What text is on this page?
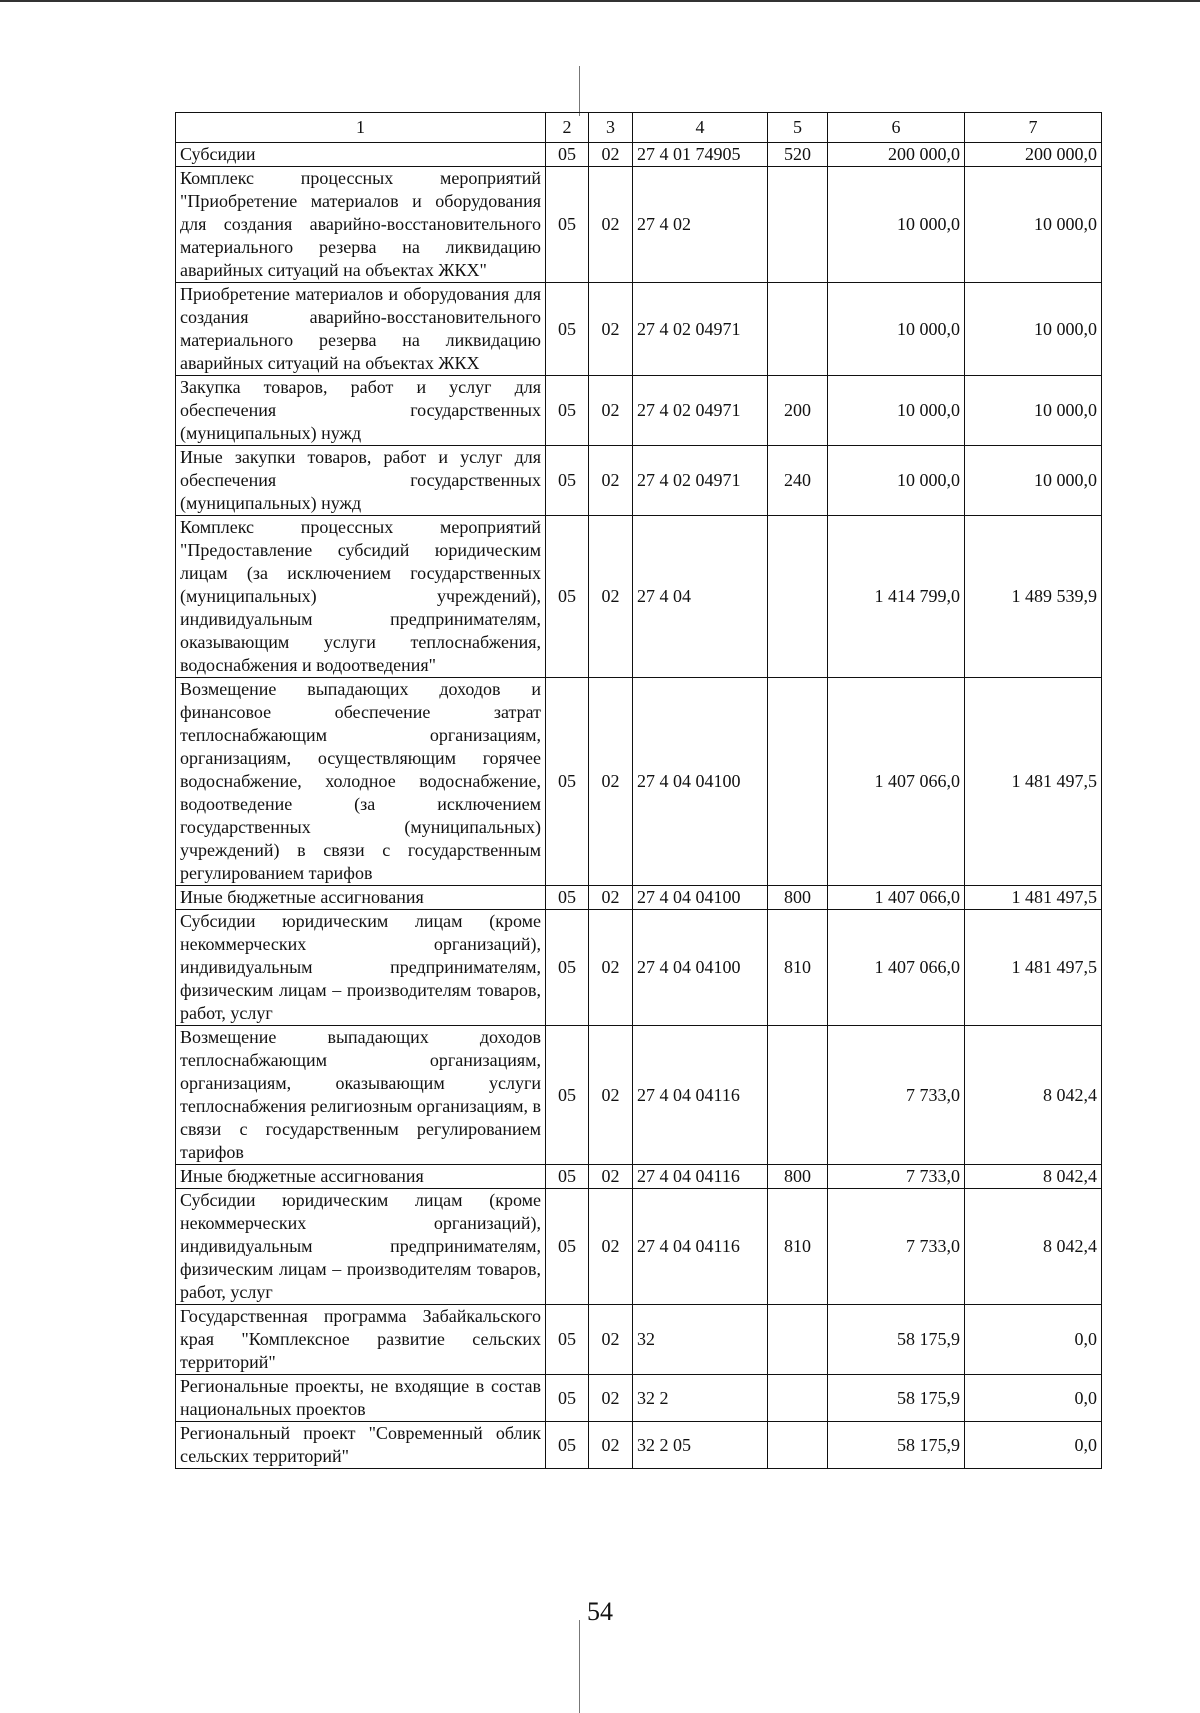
1	2	3	4	5	6	7
Субсидии	05	02	27 4 01 74905	520	200 000,0	200 000,0
Комплекс процессных мероприятий "Приобретение материалов и оборудования для создания аварийно-восстановительного материального резерва на ликвидацию аварийных ситуаций на объектах ЖКХ"	05	02	27 4 02		10 000,0	10 000,0
Приобретение материалов и оборудования для создания аварийно-восстановительного материального резерва на ликвидацию аварийных ситуаций на объектах ЖКХ	05	02	27 4 02 04971		10 000,0	10 000,0
Закупка товаров, работ и услуг для обеспечения государственных (муниципальных) нужд	05	02	27 4 02 04971	200	10 000,0	10 000,0
Иные закупки товаров, работ и услуг для обеспечения государственных (муниципальных) нужд	05	02	27 4 02 04971	240	10 000,0	10 000,0
Комплекс процессных мероприятий "Предоставление субсидий юридическим лицам (за исключением государственных (муниципальных) учреждений), индивидуальным предпринимателям, оказывающим услуги теплоснабжения, водоснабжения и водоотведения"	05	02	27 4 04		1 414 799,0	1 489 539,9
Возмещение выпадающих доходов и финансовое обеспечение затрат теплоснабжающим организациям, организациям, осуществляющим горячее водоснабжение, холодное водоснабжение, водоотведение (за исключением государственных (муниципальных) учреждений) в связи с государственным регулированием тарифов	05	02	27 4 04 04100		1 407 066,0	1 481 497,5
Иные бюджетные ассигнования	05	02	27 4 04 04100	800	1 407 066,0	1 481 497,5
Субсидии юридическим лицам (кроме некоммерческих организаций), индивидуальным предпринимателям, физическим лицам – производителям товаров, работ, услуг	05	02	27 4 04 04100	810	1 407 066,0	1 481 497,5
Возмещение выпадающих доходов теплоснабжающим организациям, организациям, оказывающим услуги теплоснабжения религиозным организациям, в связи с государственным регулированием тарифов	05	02	27 4 04 04116		7 733,0	8 042,4
Иные бюджетные ассигнования	05	02	27 4 04 04116	800	7 733,0	8 042,4
Субсидии юридическим лицам (кроме некоммерческих организаций), индивидуальным предпринимателям, физическим лицам – производителям товаров, работ, услуг	05	02	27 4 04 04116	810	7 733,0	8 042,4
Государственная программа Забайкальского края "Комплексное развитие сельских территорий"	05	02	32		58 175,9	0,0
Региональные проекты, не входящие в состав национальных проектов	05	02	32 2		58 175,9	0,0
Региональный проект "Современный облик сельских территорий"	05	02	32 2 05		58 175,9	0,0
54
